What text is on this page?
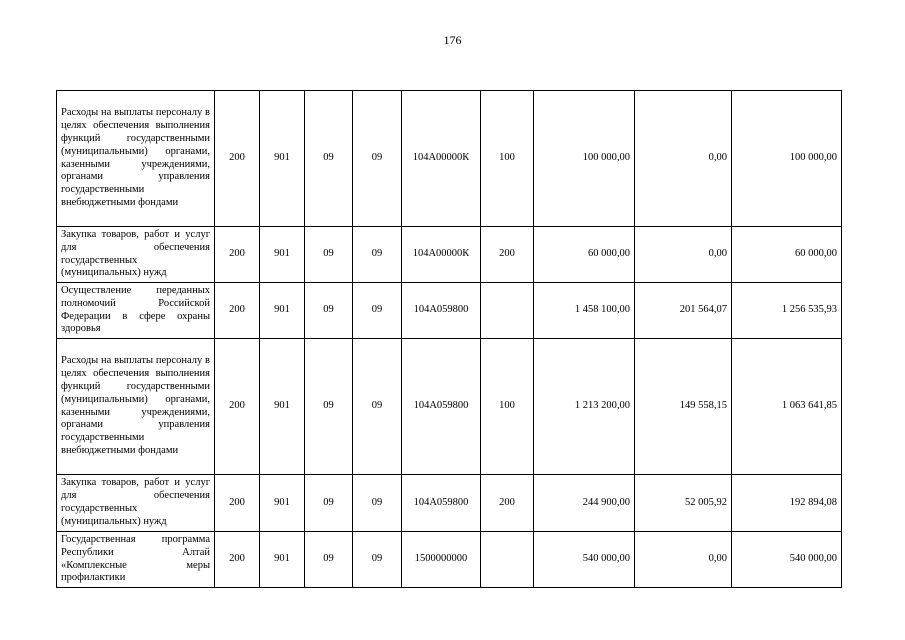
176
Расходы на выплаты персоналу в целях обеспечения выполнения функций государственными (муниципальными) органами, казенными учреждениями, органами управления государственными внебюджетными фондами	200	901	09	09	104А00000К	100	100 000,00	0,00	100 000,00
Закупка товаров, работ и услуг для обеспечения государственных (муниципальных) нужд	200	901	09	09	104А00000К	200	60 000,00	0,00	60 000,00
Осуществление переданных полномочий Российской Федерации в сфере охраны здоровья	200	901	09	09	104А059800		1 458 100,00	201 564,07	1 256 535,93
Расходы на выплаты персоналу в целях обеспечения выполнения функций государственными (муниципальными) органами, казенными учреждениями, органами управления государственными внебюджетными фондами	200	901	09	09	104А059800	100	1 213 200,00	149 558,15	1 063 641,85
Закупка товаров, работ и услуг для обеспечения государственных (муниципальных) нужд	200	901	09	09	104А059800	200	244 900,00	52 005,92	192 894,08
Государственная программа Республики Алтай «Комплексные меры профилактики	200	901	09	09	1500000000		540 000,00	0,00	540 000,00
